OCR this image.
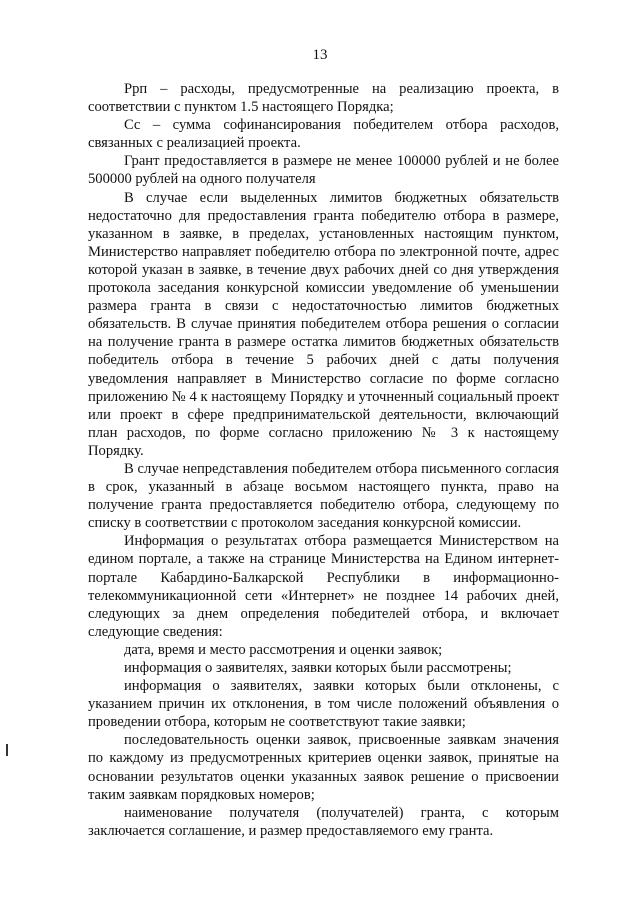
13

Рpп – расходы, предусмотренные на реализацию проекта, в соответствии с пунктом 1.5 настоящего Порядка;

Сс – сумма софинансирования победителем отбора расходов, связанных с реализацией проекта.

Грант предоставляется в размере не менее 100000 рублей и не более 500000 рублей на одного получателя

В случае если выделенных лимитов бюджетных обязательств недостаточно для предоставления гранта победителю отбора в размере, указанном в заявке, в пределах, установленных настоящим пунктом, Министерство направляет победителю отбора по электронной почте, адрес которой указан в заявке, в течение двух рабочих дней со дня утверждения протокола заседания конкурсной комиссии уведомление об уменьшении размера гранта в связи с недостаточностью лимитов бюджетных обязательств. В случае принятия победителем отбора решения о согласии на получение гранта в размере остатка лимитов бюджетных обязательств победитель отбора в течение 5 рабочих дней с даты получения уведомления направляет в Министерство согласие по форме согласно приложению № 4 к настоящему Порядку и уточненный социальный проект или проект в сфере предпринимательской деятельности, включающий план расходов, по форме согласно приложению № 3 к настоящему Порядку.

В случае непредставления победителем отбора письменного согласия в срок, указанный в абзаце восьмом настоящего пункта, право на получение гранта предоставляется победителю отбора, следующему по списку в соответствии с протоколом заседания конкурсной комиссии.

Информация о результатах отбора размещается Министерством на едином портале, а также на странице Министерства на Едином интернет-портале Кабардино-Балкарской Республики в информационно-телекоммуникационной сети «Интернет» не позднее 14 рабочих дней, следующих за днем определения победителей отбора, и включает следующие сведения:

дата, время и место рассмотрения и оценки заявок;

информация о заявителях, заявки которых были рассмотрены;

информация о заявителях, заявки которых были отклонены, с указанием причин их отклонения, в том числе положений объявления о проведении отбора, которым не соответствуют такие заявки;

последовательность оценки заявок, присвоенные заявкам значения по каждому из предусмотренных критериев оценки заявок, принятые на основании результатов оценки указанных заявок решение о присвоении таким заявкам порядковых номеров;

наименование получателя (получателей) гранта, с которым заключается соглашение, и размер предоставляемого ему гранта.
